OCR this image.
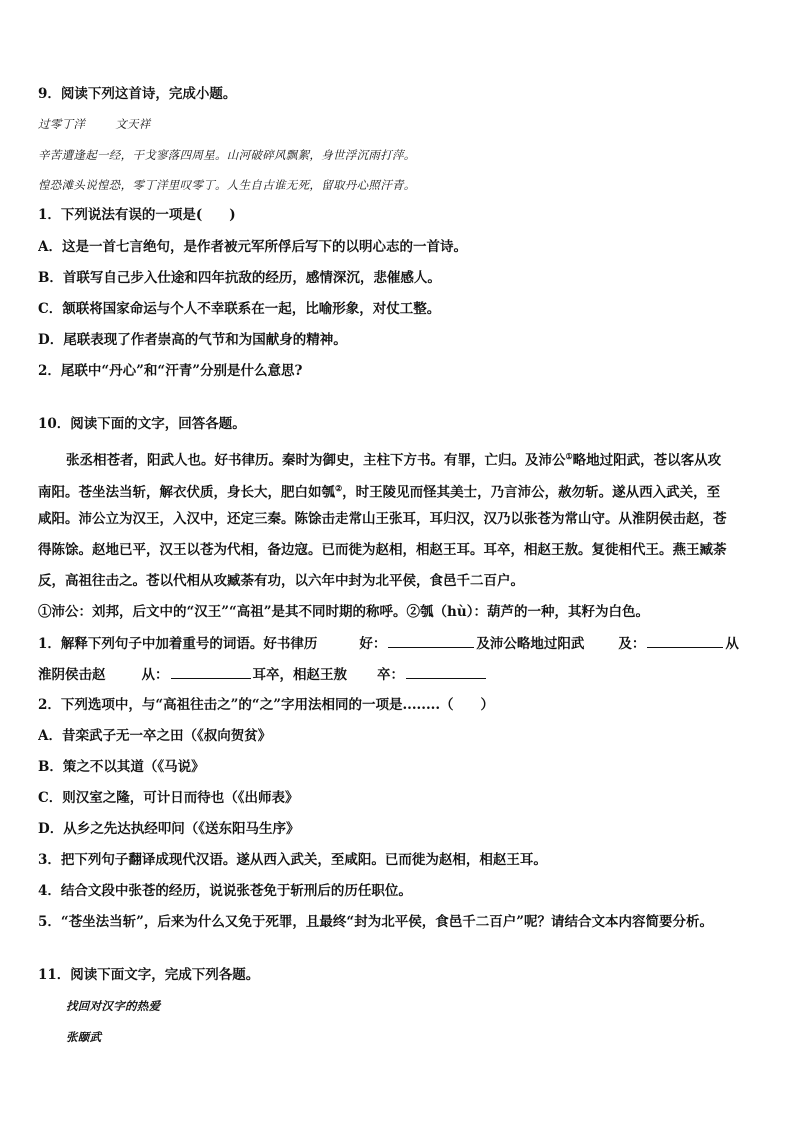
9．阅读下列这首诗，完成小题。
过零丁洋	文天祥
辛苦遭逢起一经，干戈寥落四周星。山河破碎风飘絮，身世浮沉雨打萍。
惶恐滩头说惶恐，零丁洋里叹零丁。人生自古谁无死，留取丹心照汗青。
1．下列说法有误的一项是(　　)
A．这是一首七言绝句，是作者被元军所俘后写下的以明心志的一首诗。
B．首联写自己步入仕途和四年抗敌的经历，感情深沉，悲催感人。
C．颔联将国家命运与个人不幸联系在一起，比喻形象，对仗工整。
D．尾联表现了作者崇高的气节和为国献身的精神。
2．尾联中“丹心”和“汗青”分别是什么意思?
10．阅读下面的文字，回答各题。
张丞相苍者，阳武人也。好书律历。秦时为御史，主柱下方书。有罪，亡归。及沛公①略地过阳武，苍以客从攻
南阳。苍坐法当斩，解衣伏质，身长大，肥白如瓠②，时王陵见而怪其美士，乃言沛公，赦勿斩。遂从西入武关，至
咸阳。沛公立为汉王，入汉中，还定三秦。陈馀击走常山王张耳，耳归汉，汉乃以张苍为常山守。从淮阴侯击赵，苍
得陈馀。赵地已平，汉王以苍为代相，备边寇。已而徙为赵相，相赵王耳。耳卒，相赵王敖。复徙相代王。燕王臧荼
反，高祖往击之。苍以代相从攻臧荼有功，以六年中封为北平侯，食邑千二百户。
①沛公：刘邦，后文中的“汉王”“高祖”是其不同时期的称呼。②瓠（hù）：葫芦的一种，其籽为白色。
1．解释下列句子中加着重号的词语。好书律历	好：	及沛公略地过阳武	及：	从
淮阴侯击赵	从：	耳卒，相赵王敖 卒：
2．下列选项中，与“高祖往击之”的“之”字用法相同的一项是........（　　）
A．昔栾武子无一卒之田（《叔向贺贫》
B．策之不以其道（《马说》
C．则汉室之隆，可计日而待也（《出师表》
D．从乡之先达执经叩问（《送东阳马生序》
3．把下列句子翻译成现代汉语。遂从西入武关，至咸阳。已而徙为赵相，相赵王耳。
4．结合文段中张苍的经历，说说张苍免于斩刑后的历任职位。
5．“苍坐法当斩”，后来为什么又免于死罪，且最终“封为北平侯，食邑千二百户”呢？请结合文本内容简要分析。
11．阅读下面文字，完成下列各题。
找回对汉字的热爱
张颐武
